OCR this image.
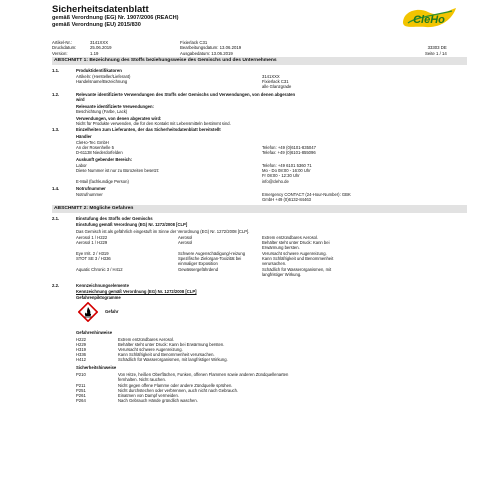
Sicherheitsdatenblatt
gemäß Verordnung (EG) Nr. 1907/2006 (REACH)
gemäß Verordnung (EU) 2015/830	CleHo
Artikel-Nr.:	3141XXX
Druckdatum:	25.06.2019
Version:	1.19
Fixierlack C31
Bearbeitungsdatum: 13.06.2019
Ausgabedatum: 13.06.2019

33303 DE
Seite 1 / 14
ABSCHNITT 1: Bezeichnung des Stoffs beziehungsweise des Gemischs und des Unternehmens
1.1.	Produktidentifikatoren
Artikeln: (Hersteller/Lieferant)	3141XXX
Handelsname/Bezeichnung	Fixierlack C31
alle Glanzgrade
1.2.	Relevante identifizierte Verwendungen des Stoffs oder Gemischs und Verwendungen, von denen abgeraten
wird
Relevante identifizierte Verwendungen:
Beschichtung (Farbe, Lack)
Verwendungen, von denen abgeraten wird:
Nicht für Produkte verwenden, die für den Kontakt mit Lebensmitteln bestimmt sind.
1.3.	Einzelheiten zum Lieferanten, der das Sicherheitsdatenblatt bereitstellt
Händler
CleHo-Tec GmbH
An der Rosenhelle 5	Telefon: +49 (0)6101-835047
D-61138 Niederdorfelden	Telefax: +49 (0)6101-855096
Auskunft gebender Bereich:
Labor	Telefon: +49 6101 5360 71
Diese Nummer ist nur zu Bürozeiten besetzt:	Mo - Do 08:00 - 16:00 Uhr
Fr 08:00 - 12:30 Uhr
E-Mail (fachkundige Person)	info@cleho.de
1.4.	Notrufnummer
Notrufnummer	Emergency CONTACT (24-Hour-Number): GBK
GmbH +49 (0)6132-84463
ABSCHNITT 2: Mögliche Gefahren
2.1.	Einstufung des Stoffs oder Gemischs
Einstufung gemäß Verordnung (EG) Nr. 1272/2008 [CLP]
Das Gemisch ist als gefährlich eingestuft im Sinne der Verordnung (EG) Nr. 1272/2008 [CLP].
Aerosol 1 / H222	Aerosol	Extrem entzündbares Aerosol.
Aerosol 1 / H229	Aerosol	Behälter steht unter Druck: Kann bei
Erwärmung bersten.
Eye Irrit. 2 / H319	Schwere Augenschädigung/-reizung	Verursacht schwere Augenreizung.
STOT SE 3 / H336	Spezifische Zielorgan-Toxizität bei	Kann Schläfrigkeit und Benommenheit
einmaliger Exposition	verursachen.
Aquatic Chronic 3 / H412	Gewässergefährdend	Schädlich für Wasserorganismen, mit
langfristiger Wirkung.
2.2.	Kennzeichnungselemente
Kennzeichnung gemäß Verordnung (EG) Nr. 1272/2008 [CLP]
Gefahrenpiktogramme
Gefahr
Gefahrenhinweise
H222	Extrem entzündbares Aerosol.
H229	Behälter steht unter Druck: Kann bei Erwärmung bersten.
H319	Verursacht schwere Augenreizung.
H336	Kann Schläfrigkeit und Benommenheit verursachen.
H412	Schädlich für Wasserorganismen, mit langfristiger Wirkung.
Sicherheitshinweise
P210	Von Hitze, heißen Oberflächen, Funken, offenen Flammen sowie anderen Zündquellenarten
fernhalten. Nicht rauchen.
P211	Nicht gegen offene Flamme oder andere Zündquelle sprühen.
P251	Nicht durchstechen oder verbrennen, auch nicht nach Gebrauch.
P261	Einatmen von Dampf vermeiden.
P264	Nach Gebrauch Hände gründlich waschen.
